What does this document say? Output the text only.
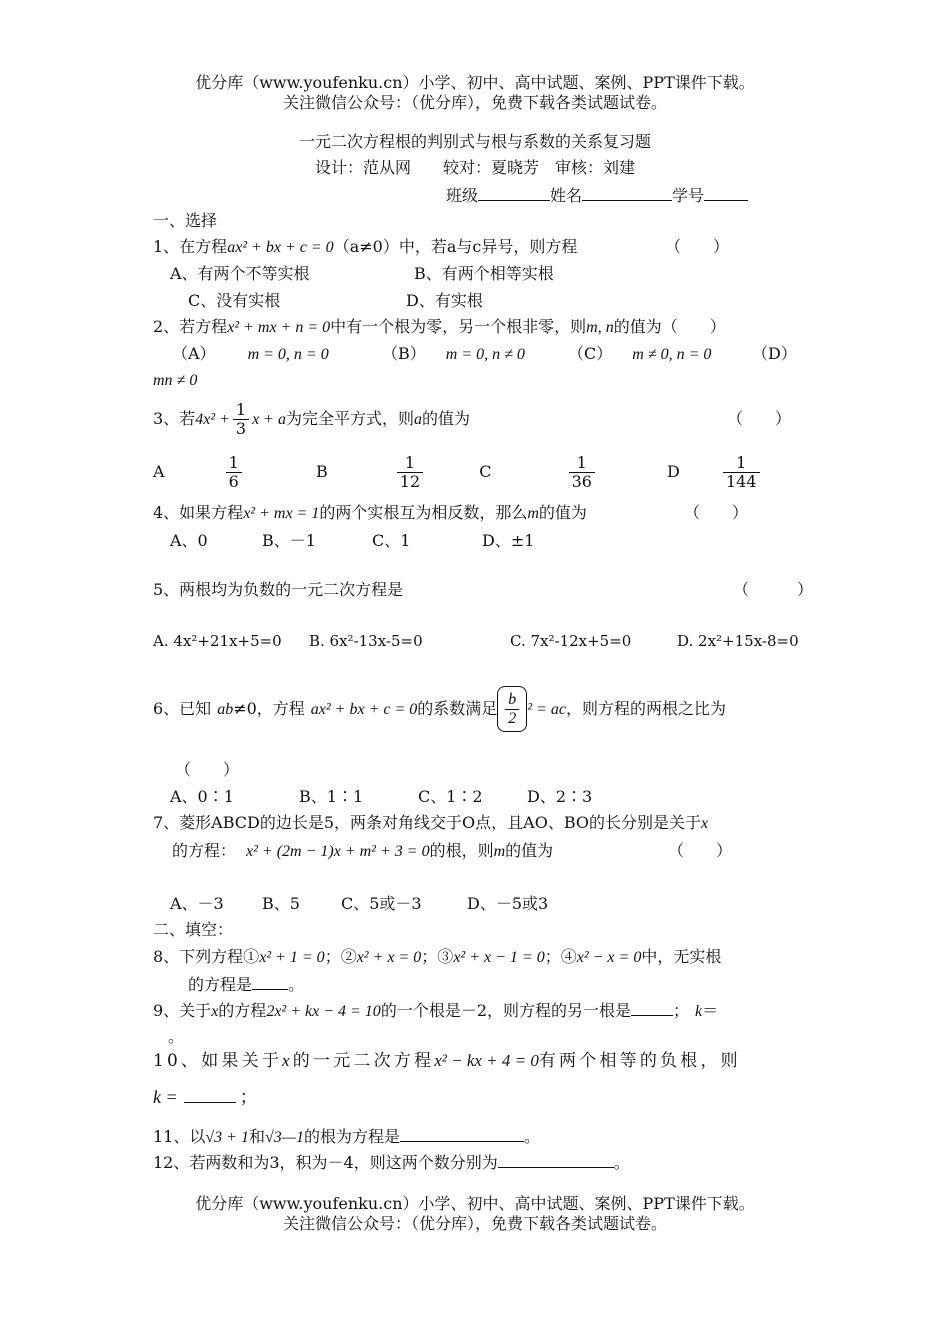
优分库（www.youfenku.cn）小学、初中、高中试题、案例、PPT课件下载。
关注微信公众号：（优分库），免费下载各类试题试卷。
一元二次方程根的判别式与根与系数的关系复习题
设计：范从网　　较对：夏晓芳　审核：刘建
班级	姓名	学号
一、选择
1、在方程ax² + bx + c = 0（a≠0）中，若a与c异号，则方程	（　　）
A、有两个不等实根	B、有两个相等实根
C、没有实根	D、有实根
2、若方程x² + mx + n = 0中有一个根为零，另一个根非零，则m, n的值为（　　）
（A） m = 0, n = 0	（B） m = 0, n ≠ 0	（C） m ≠ 0, n = 0	（D）
mn ≠ 0
3、若$4x^2 + \frac{1}{3}$ x + a为完全平方式，则a的值为	（　　）
A	$\frac{1}{6}$	B	$\frac{1}{12}$	C	$\frac{1}{36}$	D	$\frac{1}{144}$
4、如果方程x² + mx = 1的两个实根互为相反数，那么m的值为	（　　）
A、0	B、－1	C、1	D、±1
5、两根均为负数的一元二次方程是	（　　　）
A. 4x²+21x+5=0 B. 6x²-13x-5=0	C. 7x²-12x+5=0	D. 2x²+15x-8=0
6、已知 ab≠0，方程 ax² + bx + c = 0的系数满足 $\frac{b}{2} ^2$ = ac，则方程的两根之比为
（　　）
A、0∶1	B、1∶1	C、1∶2	D、2∶3
7、菱形ABCD的边长是5，两条对角线交于O点，且AO、BO的长分别是关于x
的方程： x² + (2m − 1)x + m² + 3 = 0的根，则m的值为	（　　）
A、－3 B、5	C、5或－3	D、－5或3
二、填空：
8、下列方程①x² + 1 = 0；②x² + x = 0；③x² + x − 1 = 0；④x² − x = 0中，无实根
的方程是 。
9、关于x的方程2x² + kx − 4 = 10的一个根是－2，则方程的另一根是	； k＝
。
10、如果关于x的一元二次方程x² − kx + 4 = 0有两个相等的负根，则
k =	；
11、以√3 + 1和√3—1的根为方程是	。
12、若两数和为3，积为－4，则这两个数分别为	。
优分库（www.youfenku.cn）小学、初中、高中试题、案例、PPT课件下载。
关注微信公众号：（优分库），免费下载各类试题试卷。
